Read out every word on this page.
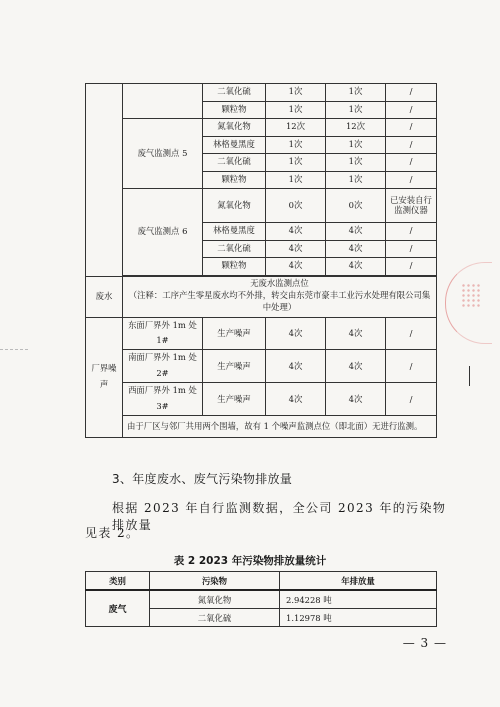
		二氧化硫	1次	1次	/
		颗粒物	1次	1次	/
	废气监测点 5	氮氧化物	12次	12次	/
		林格曼黑度	1次	1次	/
		二氧化硫	1次	1次	/
		颗粒物	1次	1次	/
	废气监测点 6	氮氧化物	0次	0次	已安装自行监测仪器
		林格曼黑度	4次	4次	/
		二氧化硫	4次	4次	/
		颗粒物	4次	4次	/

废水	无废水监测点位
（注释：工序产生零星废水均不外排，转交由东莞市豪丰工业污水处理有限公司集中处理）				

厂界噪声	东面厂界外 1m 处 1#	生产噪声	4次	4次	/
	南面厂界外 1m 处 2#	生产噪声	4次	4次	/
	西面厂界外 1m 处 3#	生产噪声	4次	4次	/
	由于厂区与邻厂共用两个围墙，故有 1 个噪声监测点位（即北面）无进行监测。				
3、年度废水、废气污染物排放量
根据 2023 年自行监测数据，全公司 2023 年的污染物排放量
见表 2。
表 2 2023 年污染物排放量统计
类别	污染物	年排放量
废气	氮氧化物	2.94228 吨
	二氧化硫	1.12978 吨
— 3 —
